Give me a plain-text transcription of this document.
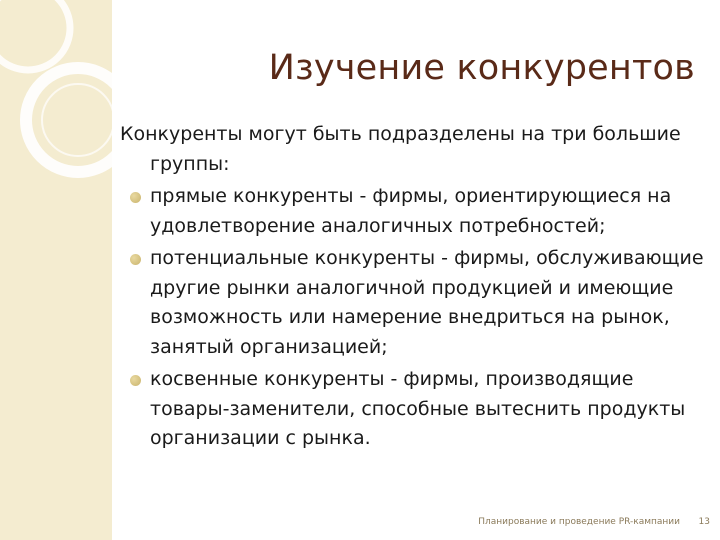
Изучение конкурентов

Конкуренты могут быть подразделены на три большие группы:

прямые конкуренты - фирмы, ориентирующиеся на удовлетворение аналогичных потребностей;
потенциальные конкуренты - фирмы, обслуживающие другие рынки аналогичной продукцией и имеющие возможность или намерение внедриться на рынок, занятый организацией;
косвенные конкуренты - фирмы, производящие товары-заменители, способные вытеснить продукты организации с рынка.
Планирование и проведение PR-кампании 13
